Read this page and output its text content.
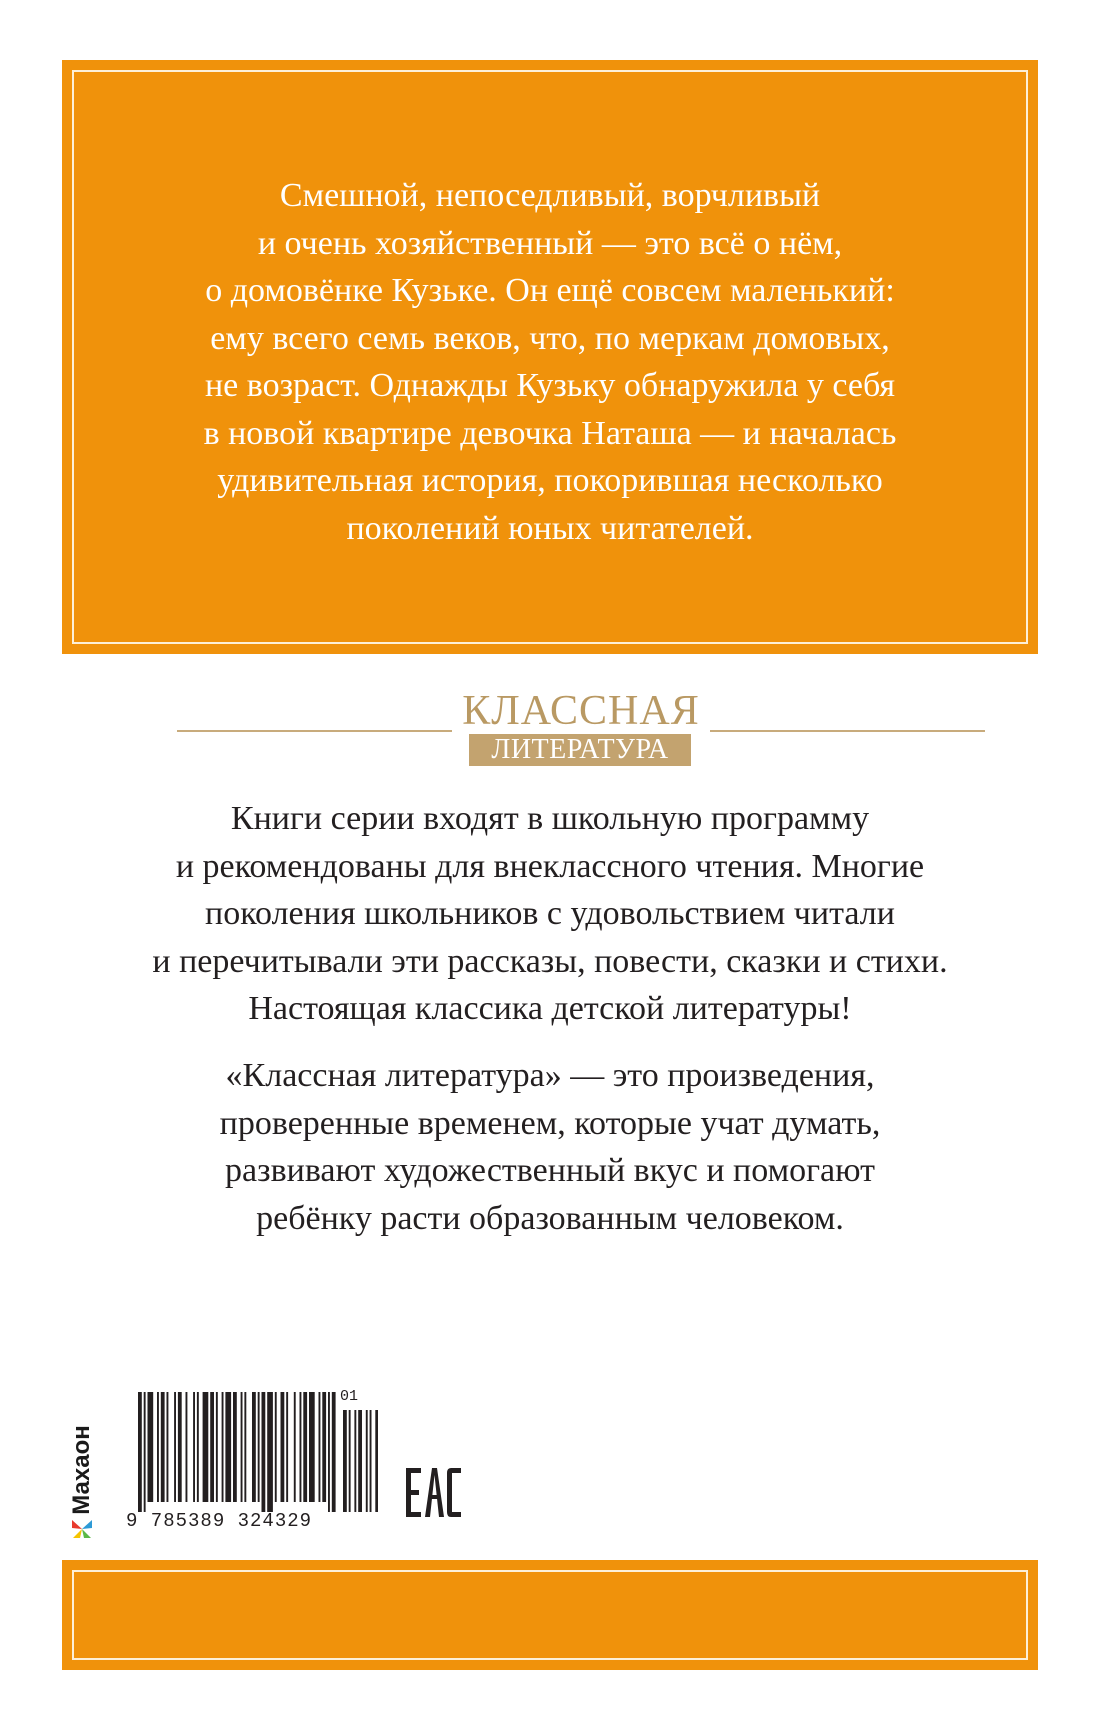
Смешной, непоседливый, ворчливый
и очень хозяйственный — это всё о нём,
о домовёнке Кузьке. Он ещё совсем маленький:
ему всего семь веков, что, по меркам домовых,
не возраст. Однажды Кузьку обнаружила у себя
в новой квартире девочка Наташа — и началась
удивительная история, покорившая несколько
поколений юных читателей.
КЛАССНАЯ
ЛИТЕРАТУРА
Книги серии входят в школьную программу
и рекомендованы для внеклассного чтения. Многие
поколения школьников с удовольствием читали
и перечитывали эти рассказы, повести, сказки и стихи.
Настоящая классика детской литературы!
«Классная литература» — это произведения,
проверенные временем, которые учат думать,
развивают художественный вкус и помогают
ребёнку расти образованным человеком.
Махаон
01
9 785389 324329
